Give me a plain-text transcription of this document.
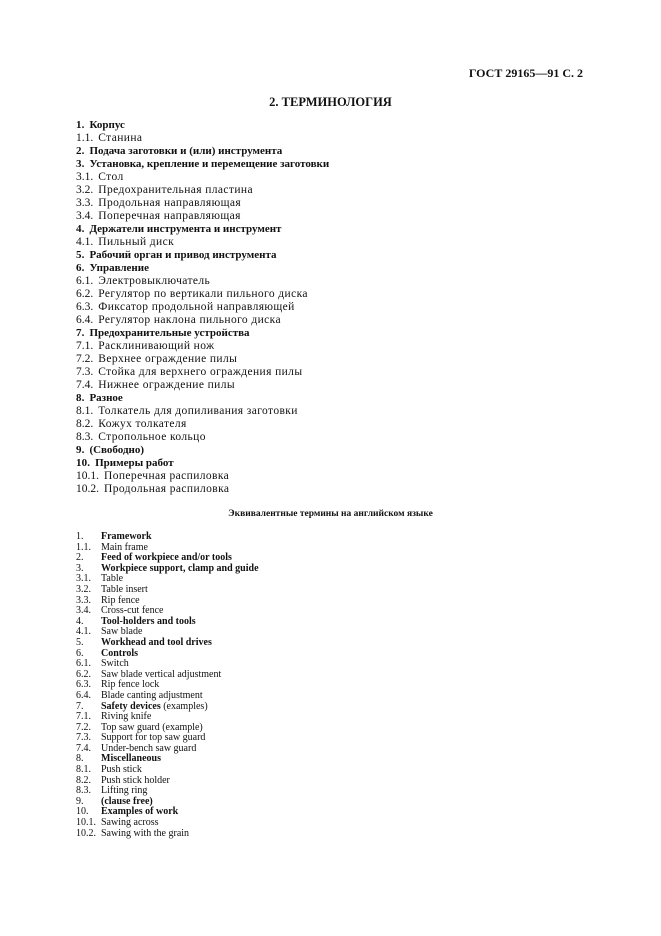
ГОСТ 29165—91 С. 2
2. ТЕРМИНОЛОГИЯ
1. Корпус
1.1. Станина
2. Подача заготовки и (или) инструмента
3. Установка, крепление и перемещение заготовки
3.1. Стол
3.2. Предохранительная пластина
3.3. Продольная направляющая
3.4. Поперечная направляющая
4. Держатели инструмента и инструмент
4.1. Пильный диск
5. Рабочий орган и привод инструмента
6. Управление
6.1. Электровыключатель
6.2. Регулятор по вертикали пильного диска
6.3. Фиксатор продольной направляющей
6.4. Регулятор наклона пильного диска
7. Предохранительные устройства
7.1. Расклинивающий нож
7.2. Верхнее ограждение пилы
7.3. Стойка для верхнего ограждения пилы
7.4. Нижнее ограждение пилы
8. Разное
8.1. Толкатель для допиливания заготовки
8.2. Кожух толкателя
8.3. Стропольное кольцо
9. (Свободно)
10. Примеры работ
10.1. Поперечная распиловка
10.2. Продольная распиловка
Эквивалентные термины на английском языке
1.	Framework
1.1.	Main frame
2.	Feed of workpiece and/or tools
3.	Workpiece support, clamp and guide
3.1.	Table
3.2.	Table insert
3.3.	Rip fence
3.4.	Cross-cut fence
4.	Tool-holders and tools
4.1.	Saw blade
5.	Workhead and tool drives
6.	Controls
6.1.	Switch
6.2.	Saw blade vertical adjustment
6.3.	Rip fence lock
6.4.	Blade canting adjustment
7.	Safety devices (examples)
7.1.	Riving knife
7.2.	Top saw guard (example)
7.3.	Support for top saw guard
7.4.	Under-bench saw guard
8.	Miscellaneous
8.1.	Push stick
8.2.	Push stick holder
8.3.	Lifting ring
9.	(clause free)
10.	Examples of work
10.1. Sawing across
10.2. Sawing with the grain
